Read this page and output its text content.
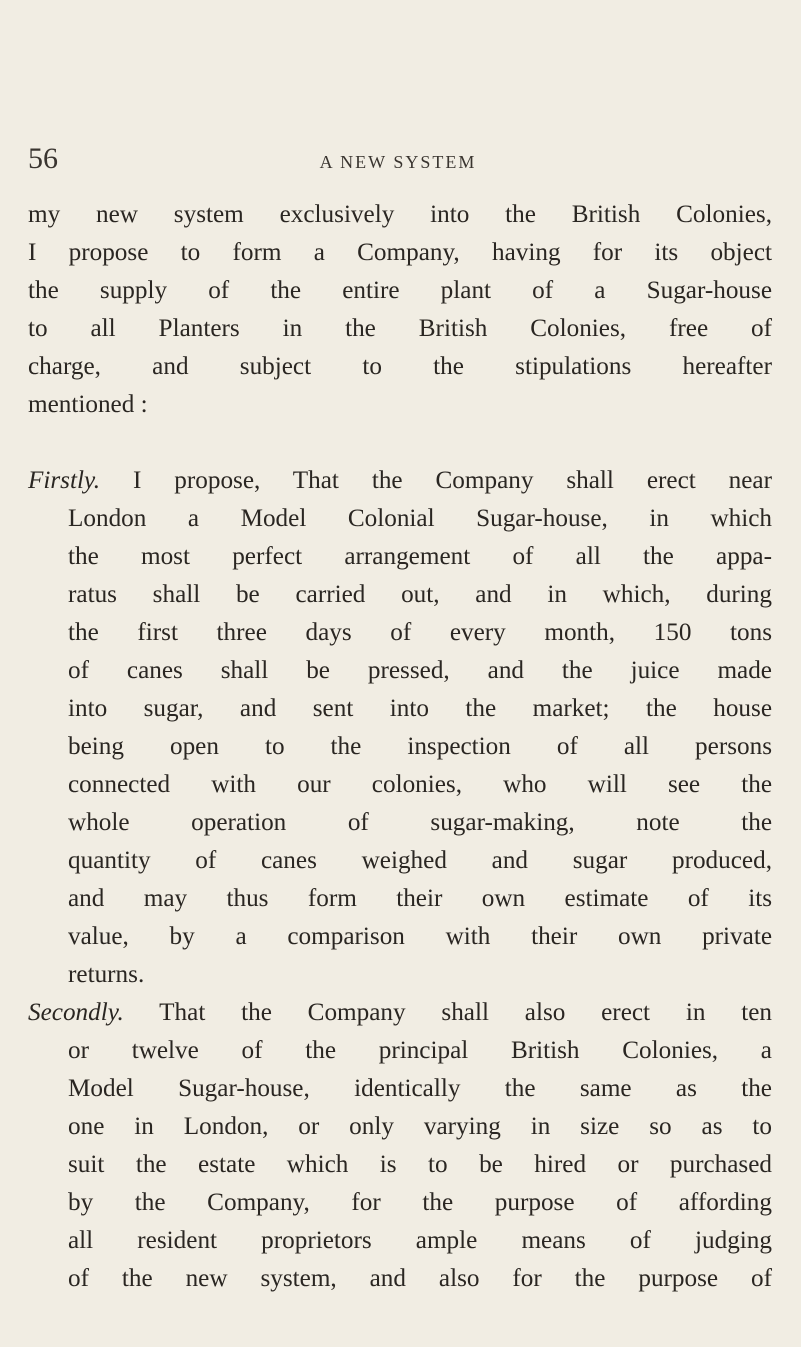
56	A NEW SYSTEM
my new system exclusively into the British Colonies,
I propose to form a Company, having for its object
the supply of the entire plant of a Sugar-house
to all Planters in the British Colonies, free of
charge, and subject to the stipulations hereafter
mentioned :
Firstly. I propose, That the Company shall erect near
London a Model Colonial Sugar-house, in which
the most perfect arrangement of all the appa-
ratus shall be carried out, and in which, during
the first three days of every month, 150 tons
of canes shall be pressed, and the juice made
into sugar, and sent into the market; the house
being open to the inspection of all persons
connected with our colonies, who will see the
whole operation of sugar-making, note the
quantity of canes weighed and sugar produced,
and may thus form their own estimate of its
value, by a comparison with their own private
returns.
Secondly. That the Company shall also erect in ten
or twelve of the principal British Colonies, a
Model Sugar-house, identically the same as the
one in London, or only varying in size so as to
suit the estate which is to be hired or purchased
by the Company, for the purpose of affording
all resident proprietors ample means of judging
of the new system, and also for the purpose of
